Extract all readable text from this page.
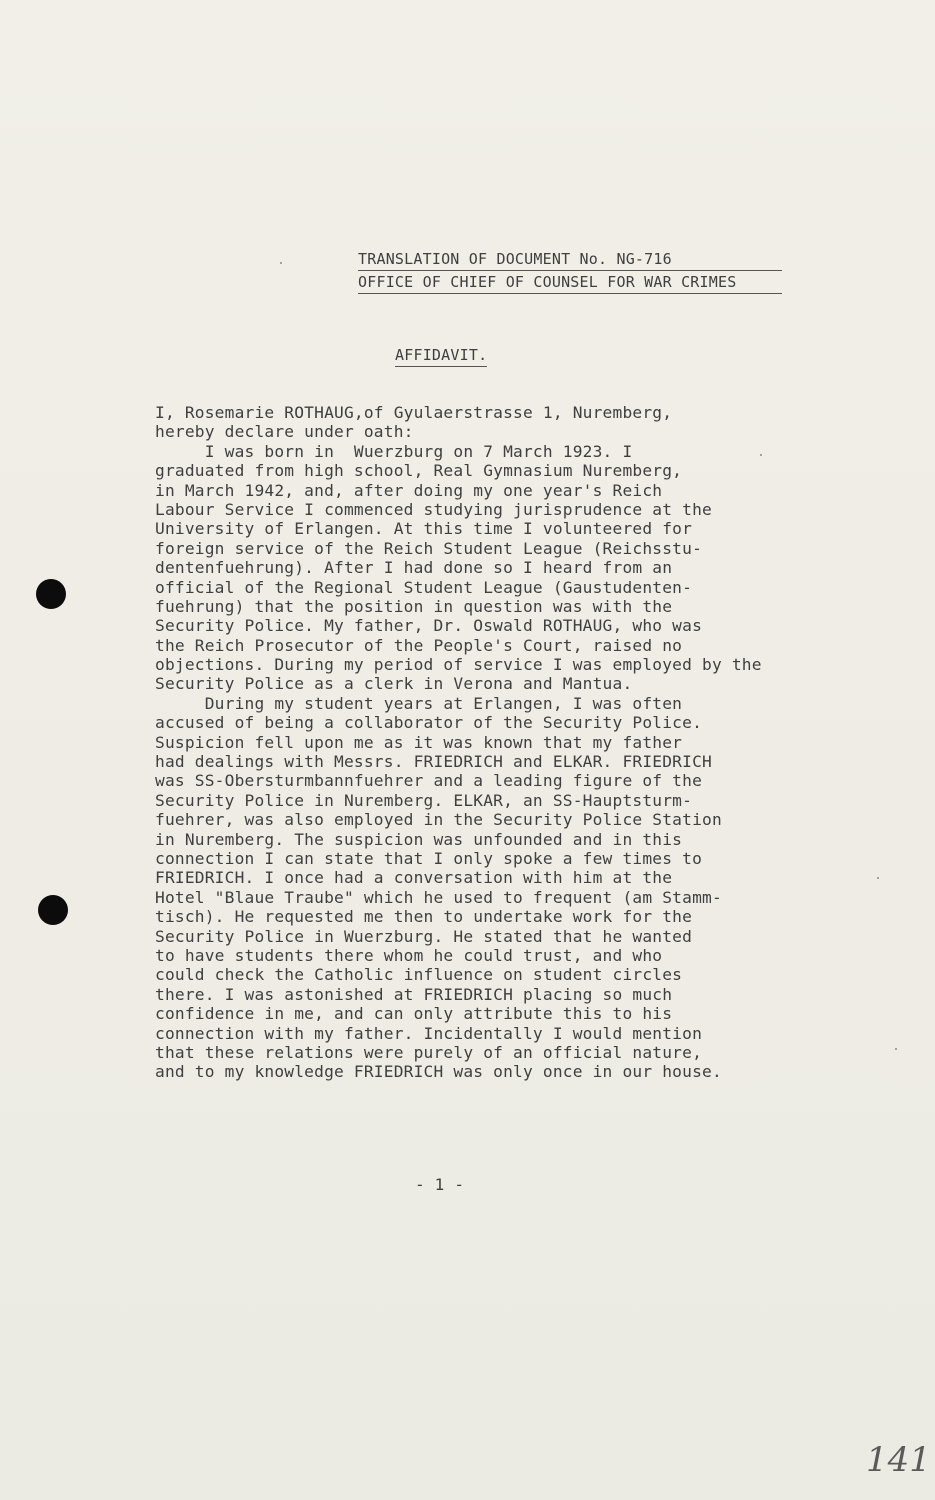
TRANSLATION OF DOCUMENT No. NG-716
OFFICE OF CHIEF OF COUNSEL FOR WAR CRIMES
AFFIDAVIT.
I, Rosemarie ROTHAUG,of Gyulaerstrasse 1, Nuremberg,
hereby declare under oath:
I was born in  Wuerzburg on 7 March 1923. I
graduated from high school, Real Gymnasium Nuremberg,
in March 1942, and, after doing my one year's Reich
Labour Service I commenced studying jurisprudence at the
University of Erlangen. At this time I volunteered for
foreign service of the Reich Student League (Reichsstu-
dentenfuehrung). After I had done so I heard from an
official of the Regional Student League (Gaustudenten-
fuehrung) that the position in question was with the
Security Police. My father, Dr. Oswald ROTHAUG, who was
the Reich Prosecutor of the People's Court, raised no
objections. During my period of service I was employed by the
Security Police as a clerk in Verona and Mantua.
During my student years at Erlangen, I was often
accused of being a collaborator of the Security Police.
Suspicion fell upon me as it was known that my father
had dealings with Messrs. FRIEDRICH and ELKAR. FRIEDRICH
was SS-Obersturmbannfuehrer and a leading figure of the
Security Police in Nuremberg. ELKAR, an SS-Hauptsturm-
fuehrer, was also employed in the Security Police Station
in Nuremberg. The suspicion was unfounded and in this
connection I can state that I only spoke a few times to
FRIEDRICH. I once had a conversation with him at the
Hotel "Blaue Traube" which he used to frequent (am Stamm-
tisch). He requested me then to undertake work for the
Security Police in Wuerzburg. He stated that he wanted
to have students there whom he could trust, and who
could check the Catholic influence on student circles
there. I was astonished at FRIEDRICH placing so much
confidence in me, and can only attribute this to his
connection with my father. Incidentally I would mention
that these relations were purely of an official nature,
and to my knowledge FRIEDRICH was only once in our house.
- 1 -
141
